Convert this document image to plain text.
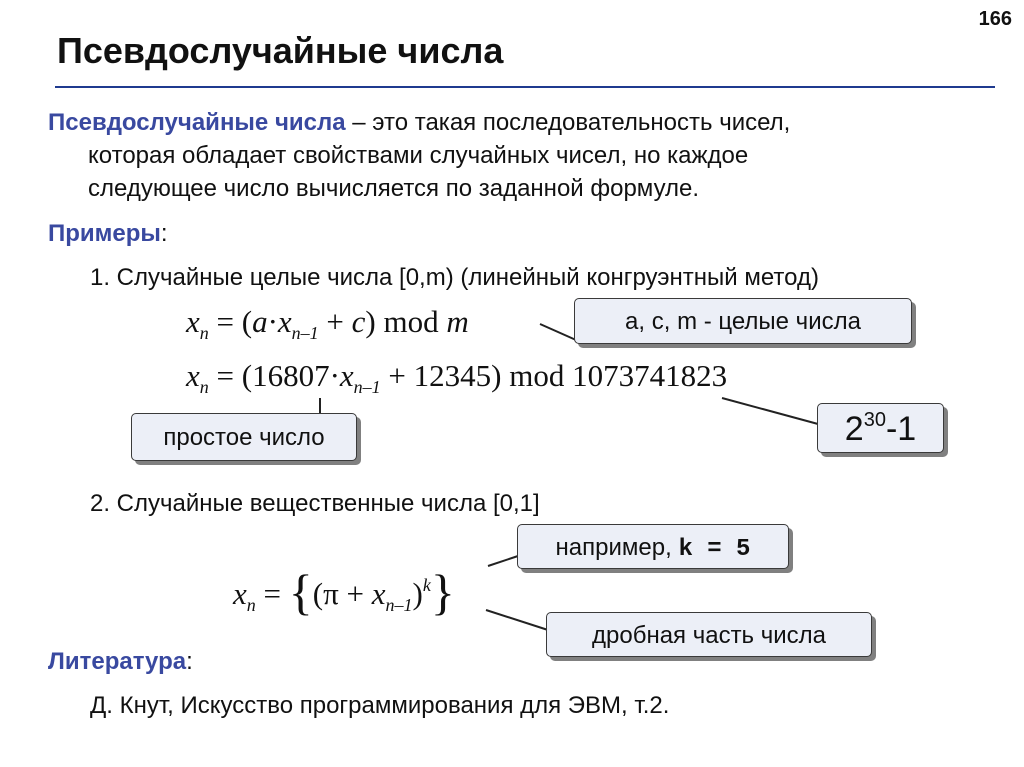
166
Псевдослучайные числа
Псевдослучайные числа – это такая последовательность чисел,
которая обладает свойствами случайных чисел, но каждое
следующее число вычисляется по заданной формуле.
Примеры:
1. Случайные целые числа [0,m) (линейный конгруэнтный метод)
$x_n = (a\cdot x_{n-1} + c)$ mod m
$x_n = (16807\cdot x_{n-1} + 12345)$ mod 1073741823
a, c, m - целые числа
простое число	$2^{30}-1$
2. Случайные вещественные числа [0,1]
$x_n = \{(\pi + x_{n-1})^k\}$
например, k = 5
дробная часть числа
Литература:
Д. Кнут, Искусство программирования для ЭВМ, т.2.
